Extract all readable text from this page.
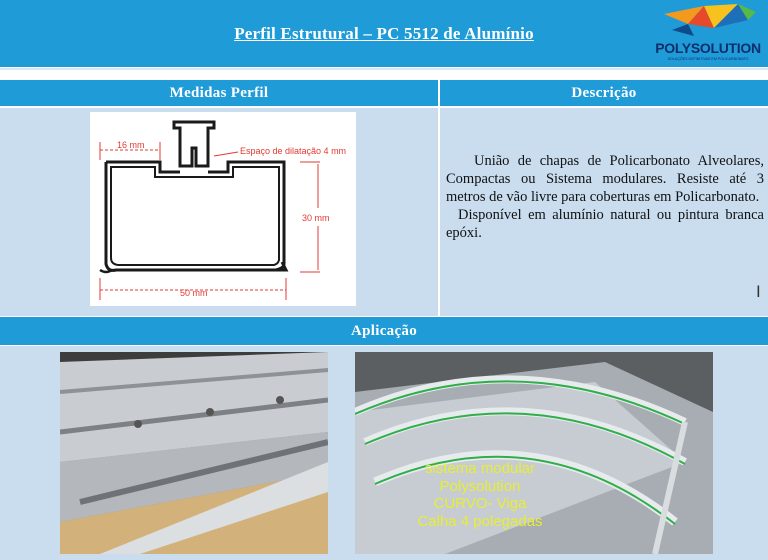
Perfil Estrutural – PC 5512 de Alumínio
POLYSOLUTION
SOLUÇÕES DEFINITIVAS EM POLICARBONATO
Medidas Perfil	Descrição
16 mm
Espaço de dilatação 4 mm
30 mm
50 mm

União de chapas de Policarbonato Alveolares, Compactas ou Sistema modulares. Resiste até 3 metros de vão livre para coberturas em Policarbonato.

Disponível em alumínio natural ou pintura branca epóxi.

I
Aplicação
sistema modular
Polysolution
CURVO- Viga
Calha 4 polegadas
